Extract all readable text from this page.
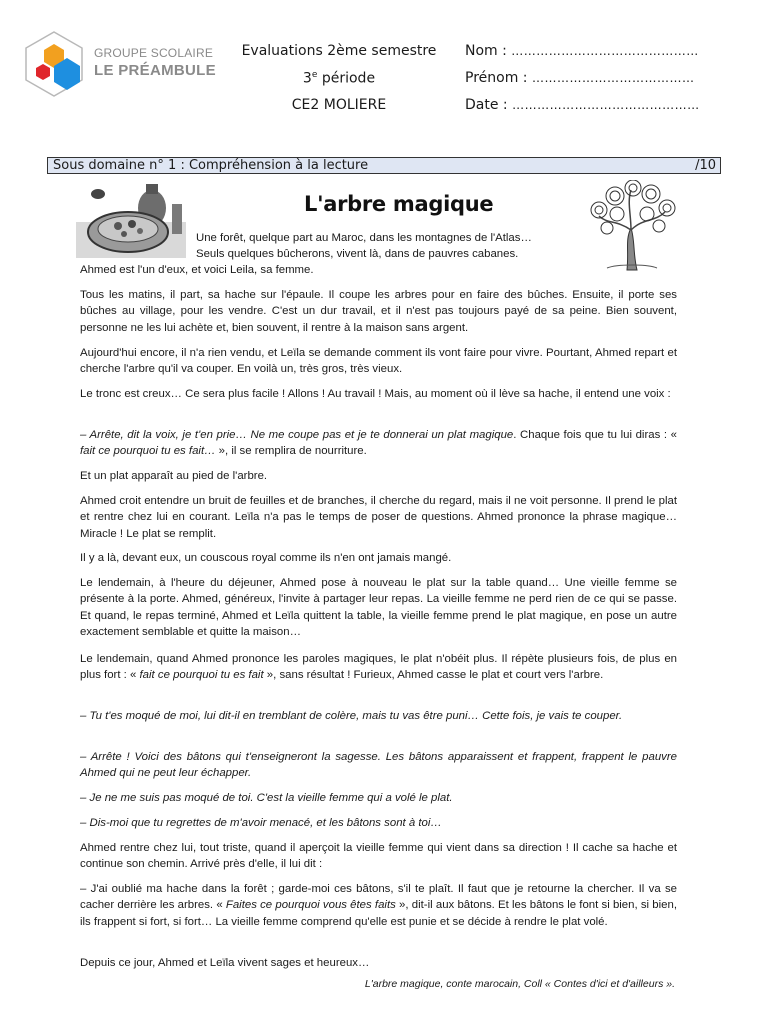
GROUPE SCOLAIRE
LE PRÉAMBULE
Evaluations 2ème semestre
3e période
CE2 MOLIERE
Nom : ………………………………………
Prénom : …………………………………
Date : ………………………………………
Sous domaine n° 1 : Compréhension à la lecture	/10
L'arbre magique
Une forêt, quelque part au Maroc, dans les montagnes de l'Atlas…
Seuls quelques bûcherons, vivent là, dans de pauvres cabanes.
Ahmed est l'un d'eux, et voici Leila, sa femme.

Tous les matins, il part, sa hache sur l'épaule. Il coupe les arbres pour en faire des bûches. Ensuite, il porte ses bûches au village, pour les vendre. C'est un dur travail, et il n'est pas toujours payé de sa peine. Bien souvent, personne ne les lui achète et, bien souvent, il rentre à la maison sans argent.

Aujourd'hui encore, il n'a rien vendu, et Leïla se demande comment ils vont faire pour vivre. Pourtant, Ahmed repart et cherche l'arbre qu'il va couper. En voilà un, très gros, très vieux.

Le tronc est creux… Ce sera plus facile ! Allons ! Au travail ! Mais, au moment où il lève sa hache, il entend une voix :

– Arrête, dit la voix, je t'en prie… Ne me coupe pas et je te donnerai un plat magique. Chaque fois que tu lui diras : « fait ce pourquoi tu es fait… », il se remplira de nourriture.

Et un plat apparaît au pied de l'arbre.

Ahmed croit entendre un bruit de feuilles et de branches, il cherche du regard, mais il ne voit personne. Il prend le plat et rentre chez lui en courant. Leïla n'a pas le temps de poser de questions. Ahmed prononce la phrase magique… Miracle ! Le plat se remplit.

Il y a là, devant eux, un couscous royal comme ils n'en ont jamais mangé.

Le lendemain, à l'heure du déjeuner, Ahmed pose à nouveau le plat sur la table quand… Une vieille femme se présente à la porte. Ahmed, généreux, l'invite à partager leur repas. La vieille femme ne perd rien de ce qui se passe. Et quand, le repas terminé, Ahmed et Leïla quittent la table, la vieille femme prend le plat magique, en pose un autre exactement semblable et quitte la maison…

Le lendemain, quand Ahmed prononce les paroles magiques, le plat n'obéit plus. Il répète plusieurs fois, de plus en plus fort : « fait ce pourquoi tu es fait », sans résultat ! Furieux, Ahmed casse le plat et court vers l'arbre.

– Tu t'es moqué de moi, lui dit-il en tremblant de colère, mais tu vas être puni… Cette fois, je vais te couper.

– Arrête ! Voici des bâtons qui t'enseigneront la sagesse. Les bâtons apparaissent et frappent, frappent le pauvre Ahmed qui ne peut leur échapper.

– Je ne me suis pas moqué de toi. C'est la vieille femme qui a volé le plat.

– Dis-moi que tu regrettes de m'avoir menacé, et les bâtons sont à toi…

Ahmed rentre chez lui, tout triste, quand il aperçoit la vieille femme qui vient dans sa direction ! Il cache sa hache et continue son chemin. Arrivé près d'elle, il lui dit :

– J'ai oublié ma hache dans la forêt ; garde-moi ces bâtons, s'il te plaît. Il faut que je retourne la chercher. Il va se cacher derrière les arbres. « Faites ce pourquoi vous êtes faits », dit-il aux bâtons. Et les bâtons le font si bien, si bien, ils frappent si fort, si fort… La vieille femme comprend qu'elle est punie et se décide à rendre le plat volé.

Depuis ce jour, Ahmed et Leïla vivent sages et heureux…

L'arbre magique, conte marocain, Coll « Contes d'ici et d'ailleurs ».
